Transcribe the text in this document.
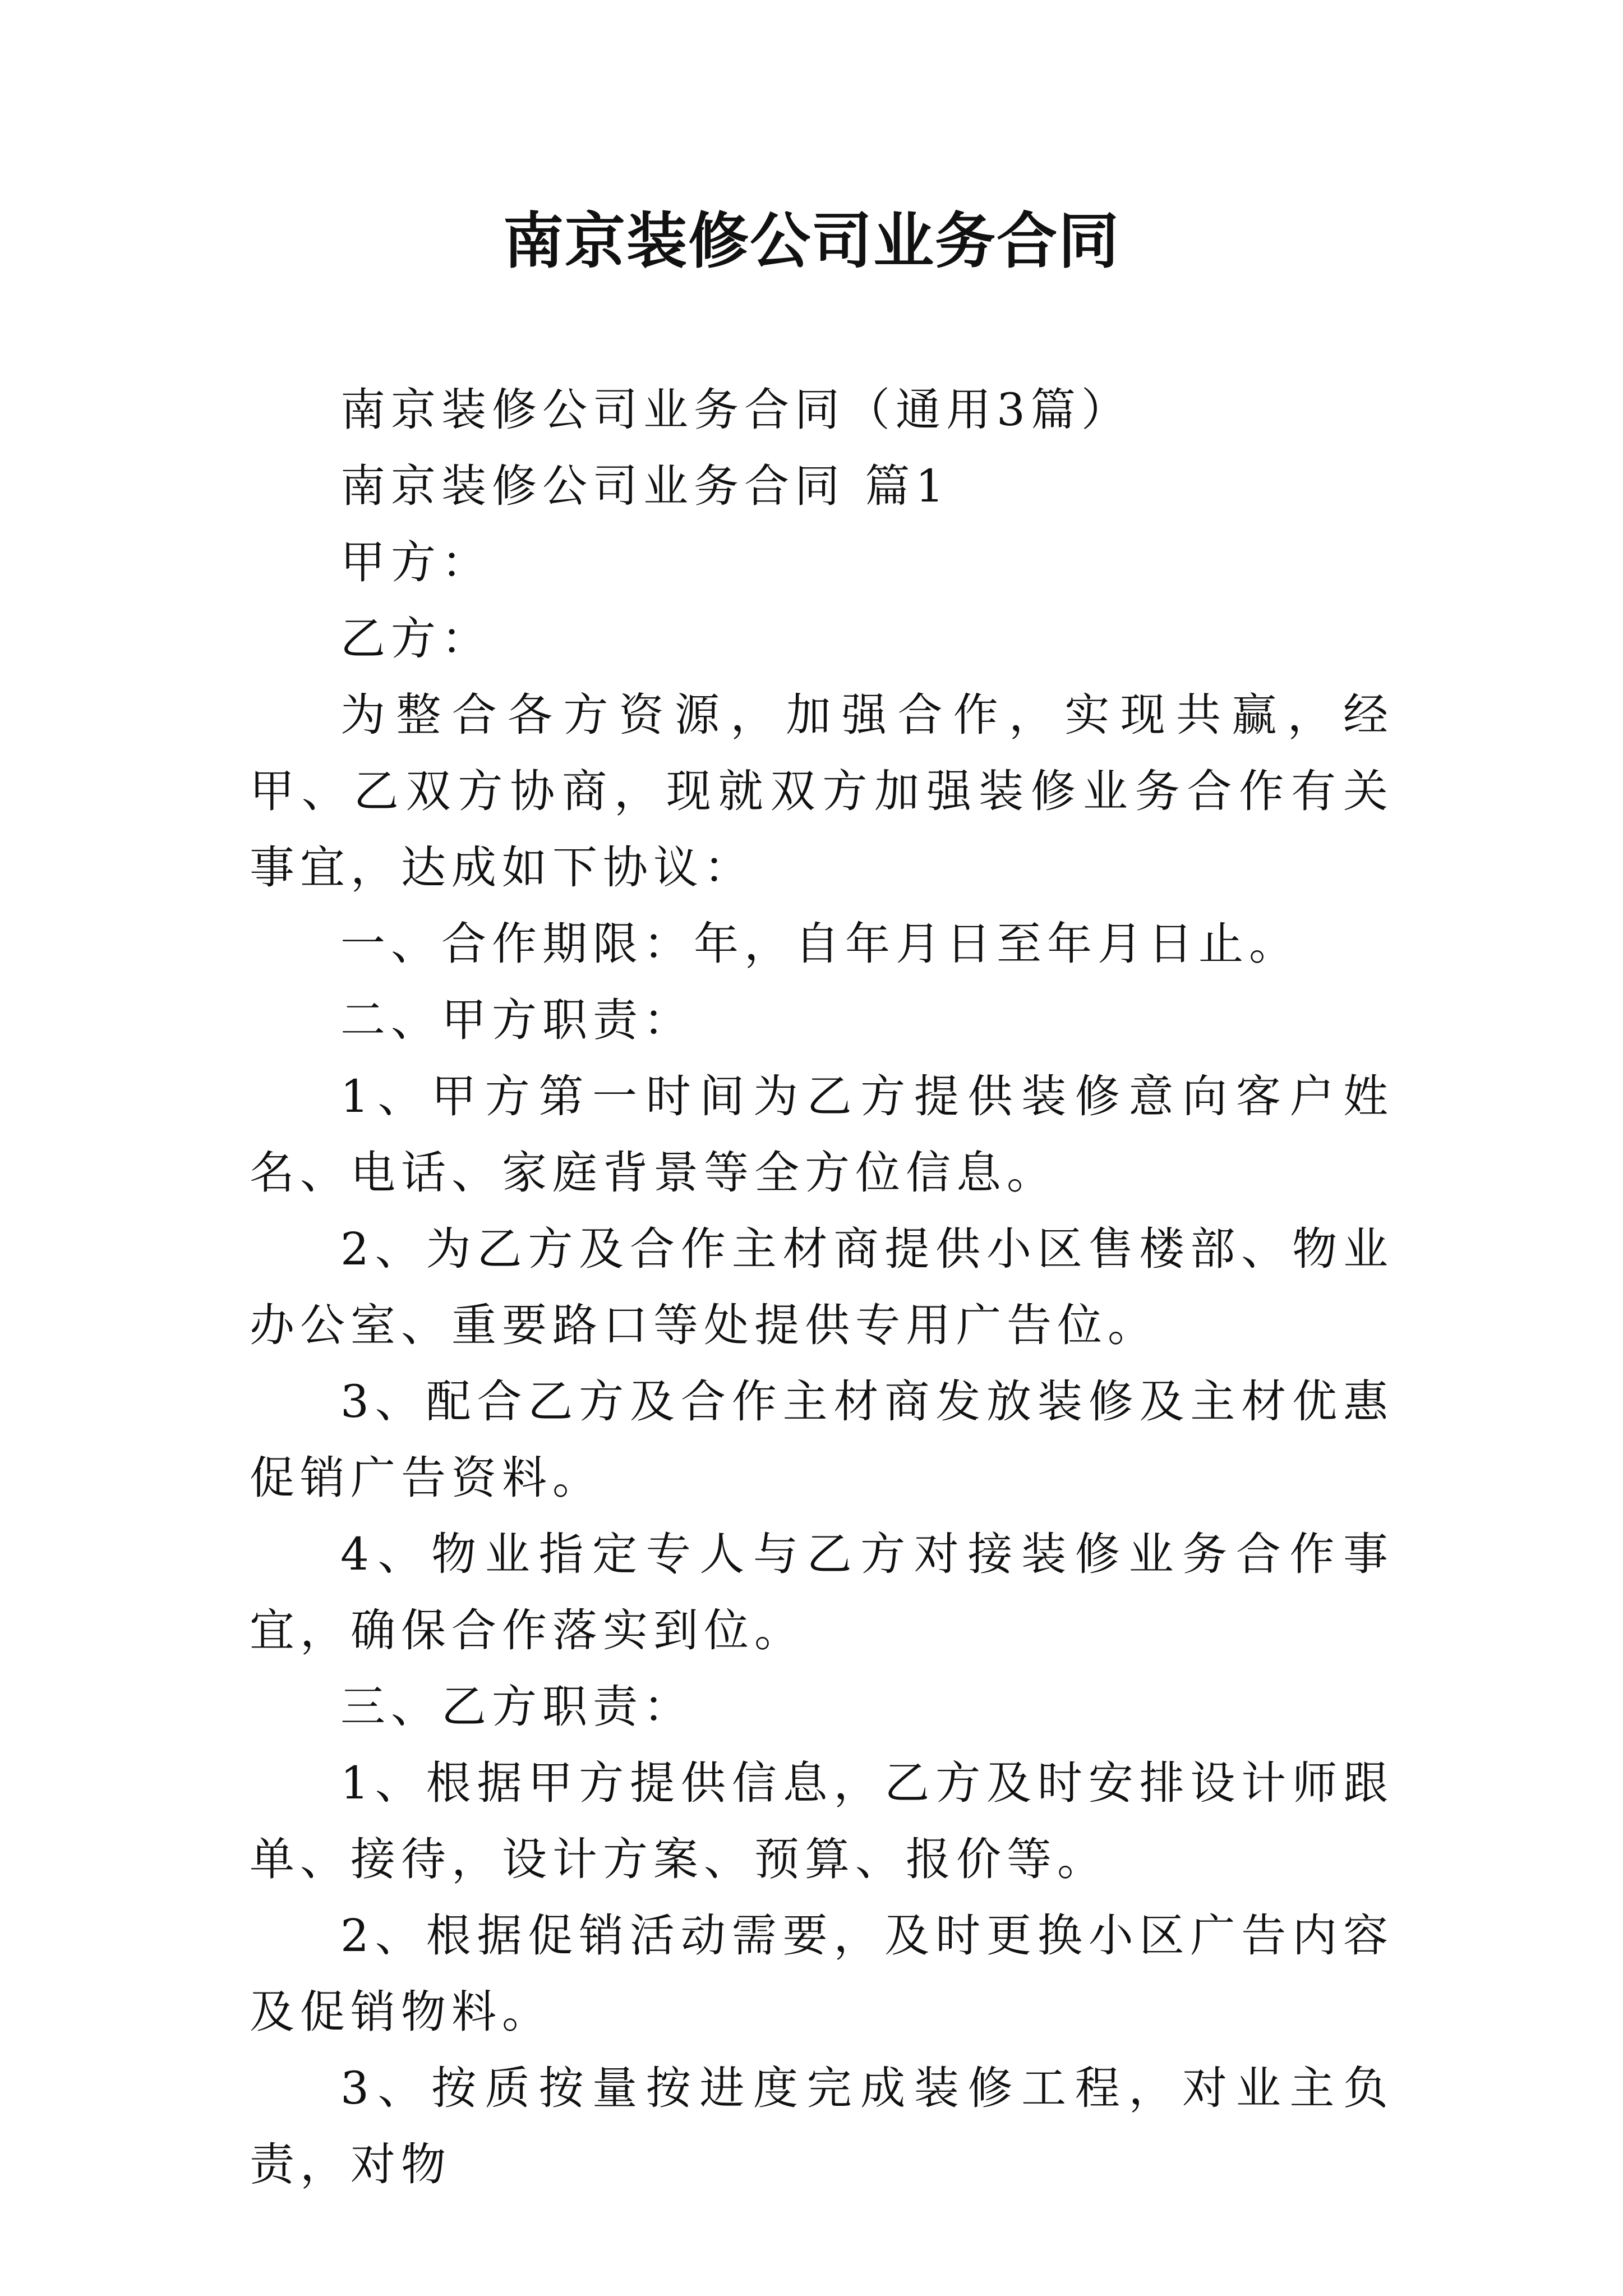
南京装修公司业务合同

南京装修公司业务合同（通用3篇）

南京装修公司业务合同 篇1

甲方：

乙方：

为整合各方资源，加强合作，实现共赢，经甲、乙双方协商，现就双方加强装修业务合作有关事宜，达成如下协议：

一、合作期限：年，自年月日至年月日止。

二、甲方职责：

1、甲方第一时间为乙方提供装修意向客户姓名、电话、家庭背景等全方位信息。

2、为乙方及合作主材商提供小区售楼部、物业办公室、重要路口等处提供专用广告位。

3、配合乙方及合作主材商发放装修及主材优惠促销广告资料。

4、物业指定专人与乙方对接装修业务合作事宜，确保合作落实到位。

三、乙方职责：

1、根据甲方提供信息，乙方及时安排设计师跟单、接待，设计方案、预算、报价等。

2、根据促销活动需要，及时更换小区广告内容及促销物料。

3、按质按量按进度完成装修工程，对业主负责，对物
